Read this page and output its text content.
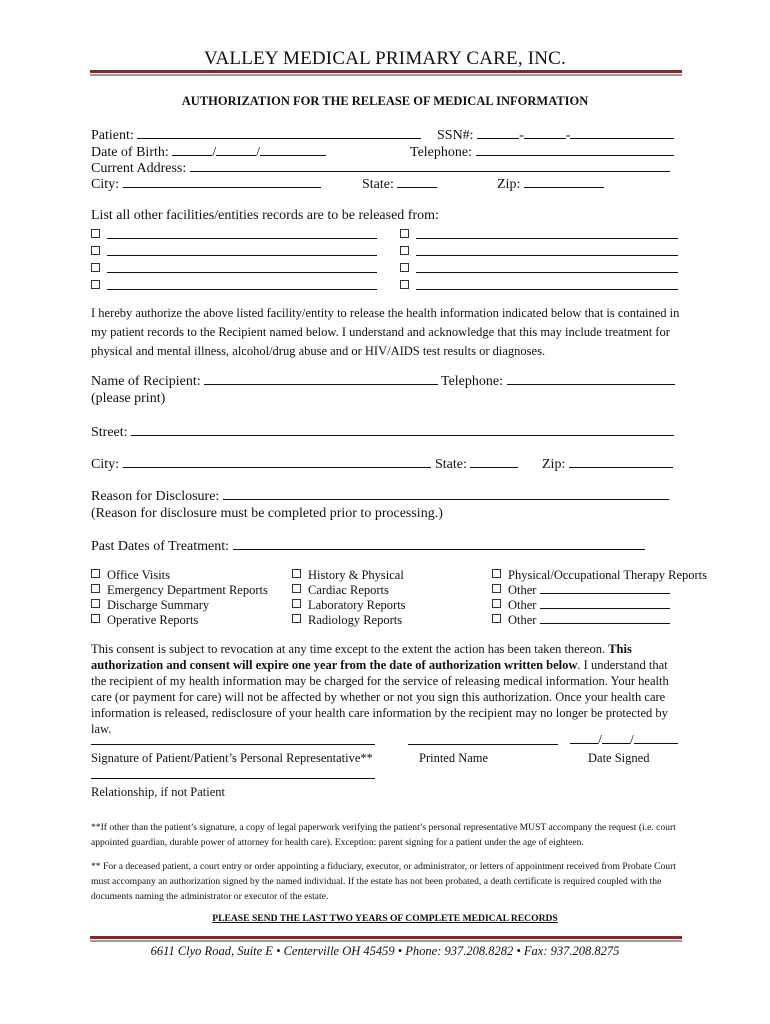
VALLEY MEDICAL PRIMARY CARE, INC.
AUTHORIZATION FOR THE RELEASE OF MEDICAL INFORMATION
Patient:	SSN#:	-	-
Date of Birth:	/	/	Telephone:
Current Address:
City:	State:	Zip:
List all other facilities/entities records are to be released from:
I hereby authorize the above listed facility/entity to release the health information indicated below that is contained in my patient records to the Recipient named below. I understand and acknowledge that this may include treatment for physical and mental illness, alcohol/drug abuse and or HIV/AIDS test results or diagnoses.
Name of Recipient:	Telephone:
(please print)
Street:
City:	State:	Zip:
Reason for Disclosure:
(Reason for disclosure must be completed prior to processing.)
Past Dates of Treatment:
Office Visits
Emergency Department Reports
Discharge Summary
Operative Reports
History & Physical
Cardiac Reports
Laboratory Reports
Radiology Reports
Physical/Occupational Therapy Reports
Other
Other
Other
This consent is subject to revocation at any time except to the extent the action has been taken thereon. This authorization and consent will expire one year from the date of authorization written below. I understand that the recipient of my health information may be charged for the service of releasing medical information. Your health care (or payment for care) will not be affected by whether or not you sign this authorization. Once your health care information is released, redisclosure of your health care information by the recipient may no longer be protected by law.
/ /
Signature of Patient/Patient’s Personal Representative**	Printed Name	Date Signed
Relationship, if not Patient
**If other than the patient’s signature, a copy of legal paperwork verifying the patient’s personal representative MUST accompany the request (i.e. court appointed guardian, durable power of attorney for health care). Exception: parent signing for a patient under the age of eighteen.
** For a deceased patient, a court entry or order appointing a fiduciary, executor, or administrator, or letters of appointment received from Probate Court must accompany an authorization signed by the named individual. If the estate has not been probated, a death certificate is required coupled with the documents naming the administrator or executor of the estate.
PLEASE SEND THE LAST TWO YEARS OF COMPLETE MEDICAL RECORDS
6611 Clyo Road, Suite E • Centerville OH 45459 • Phone: 937.208.8282 • Fax: 937.208.8275
